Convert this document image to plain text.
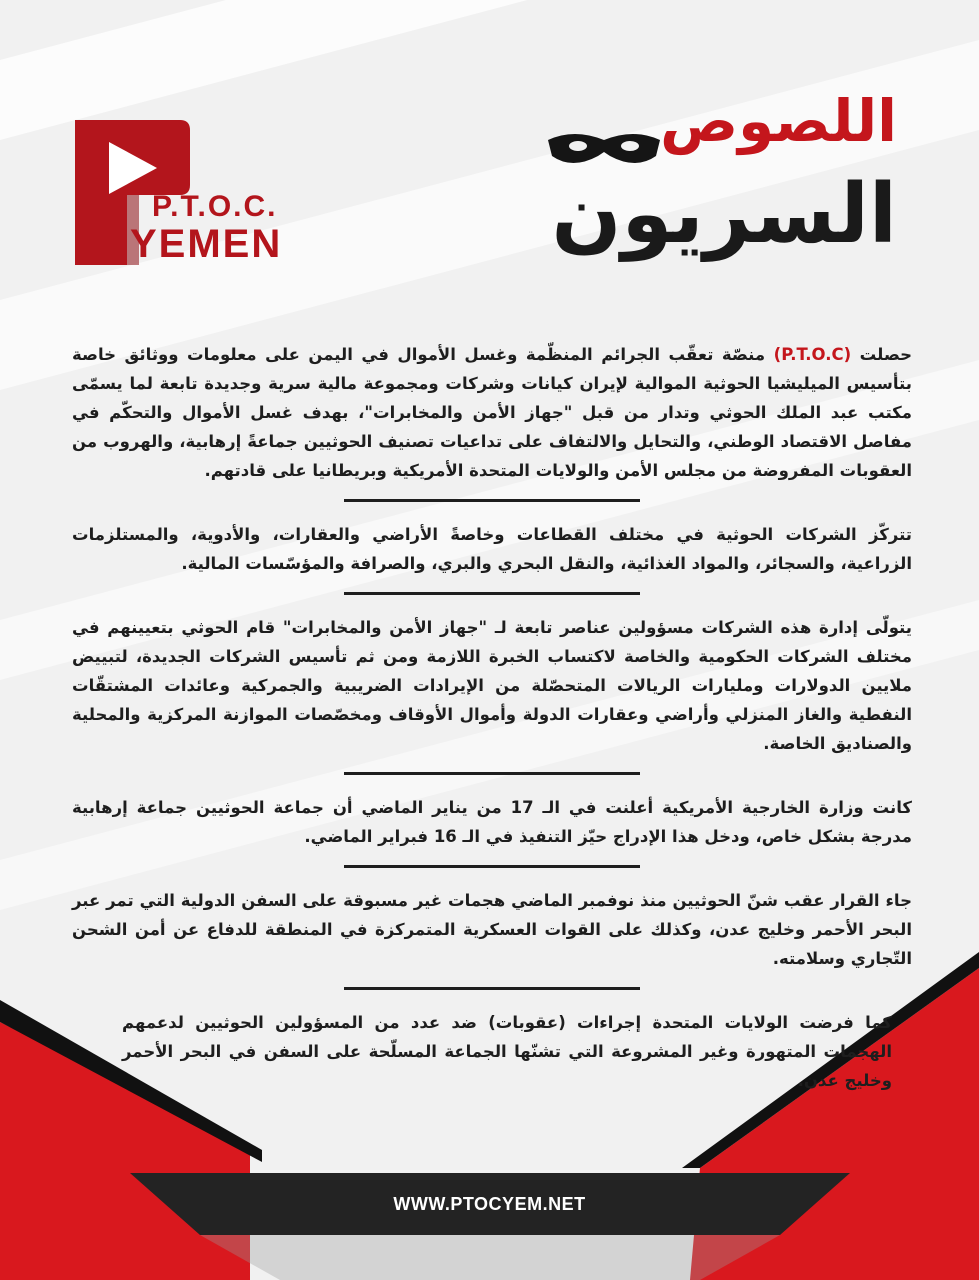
P.T.O.C.
YEMEN
اللصوص
السريون

حصلت (P.T.O.C) منصّة تعقّب الجرائم المنظّمة وغسل الأموال في اليمن على معلومات ووثائق خاصة بتأسيس الميليشيا الحوثية الموالية لإيران كيانات وشركات ومجموعة مالية سرية وجديدة تابعة لما يسمّى مكتب عبد الملك الحوثي وتدار من قبل "جهاز الأمن والمخابرات"، بهدف غسل الأموال والتحكّم في مفاصل الاقتصاد الوطني، والتحايل والالتفاف على تداعيات تصنيف الحوثيين جماعةً إرهابية، والهروب من العقوبات المفروضة من مجلس الأمن والولايات المتحدة الأمريكية وبريطانيا على قادتهم.

تتركّز الشركات الحوثية في مختلف القطاعات وخاصةً الأراضي والعقارات، والأدوية، والمستلزمات الزراعية، والسجائر، والمواد الغذائية، والنقل البحري والبري، والصرافة والمؤسّسات المالية.

يتولّى إدارة هذه الشركات مسؤولين عناصر تابعة لـ "جهاز الأمن والمخابرات" قام الحوثي بتعيينهم في مختلف الشركات الحكومية والخاصة لاكتساب الخبرة اللازمة ومن ثم تأسيس الشركات الجديدة، لتبييض ملايين الدولارات ومليارات الريالات المتحصّلة من الإيرادات الضريبية والجمركية وعائدات المشتقّات النفطية والغاز المنزلي وأراضي وعقارات الدولة وأموال الأوقاف ومخصّصات الموازنة المركزية والمحلية والصناديق الخاصة.

كانت وزارة الخارجية الأمريكية أعلنت في الـ 17 من يناير الماضي أن جماعة الحوثيين جماعة إرهابية مدرجة بشكل خاص، ودخل هذا الإدراج حيّز التنفيذ في الـ 16 فبراير الماضي.

جاء القرار عقب شنّ الحوثيين منذ نوفمبر الماضي هجمات غير مسبوقة على السفن الدولية التي تمر عبر البحر الأحمر وخليج عدن، وكذلك على القوات العسكرية المتمركزة في المنطقة للدفاع عن أمن الشحن التّجاري وسلامته.

كما فرضت الولايات المتحدة إجراءات (عقوبات) ضد عدد من المسؤولين الحوثيين لدعمهم الهجمات المتهورة وغير المشروعة التي تشنّها الجماعة المسلّحة على السفن في البحر الأحمر وخليج عدن.

WWW.PTOCYEM.NET
